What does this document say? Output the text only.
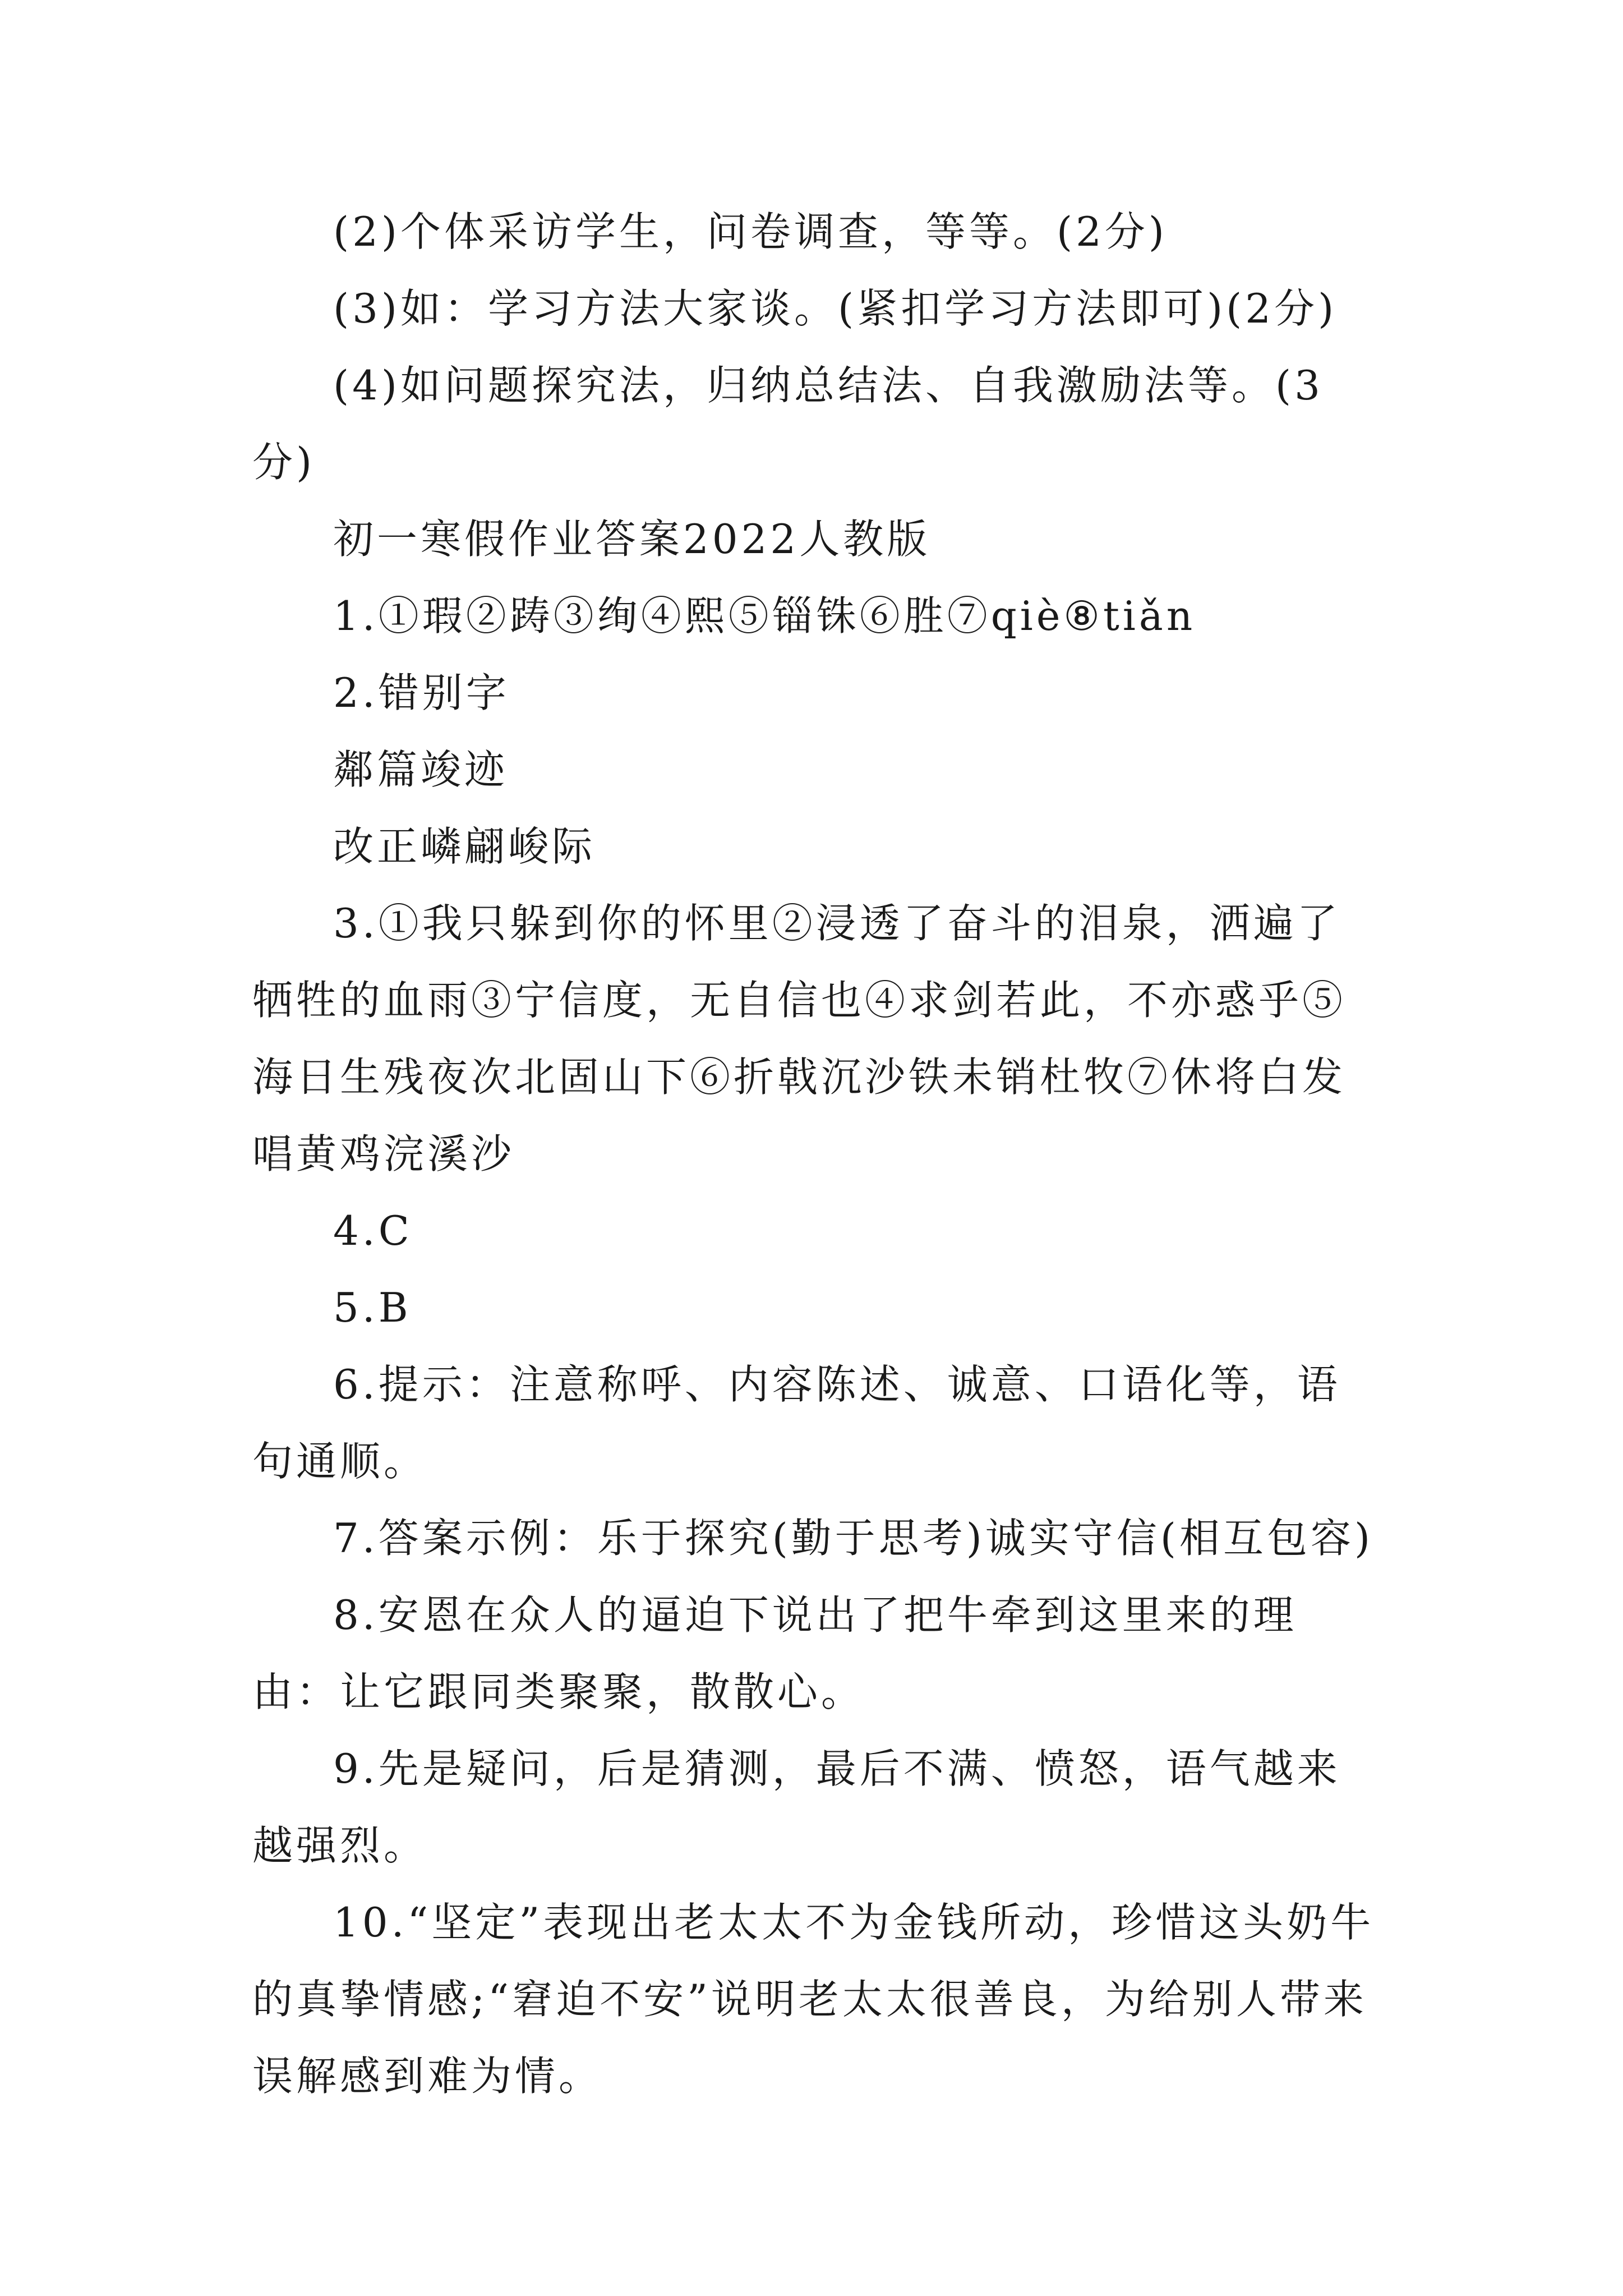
(2)个体采访学生，问卷调查，等等。(2分)

(3)如：学习方法大家谈。(紧扣学习方法即可)(2分)

(4)如问题探究法，归纳总结法、自我激励法等。(3分)

初一寒假作业答案2022人教版

1.①瑕②踌③绚④熙⑤锱铢⑥胜⑦qiè⑧tiǎn

2.错别字

鄰篇竣迹

改正嶙翩峻际

3.①我只躲到你的怀里②浸透了奋斗的泪泉，洒遍了牺牲的血雨③宁信度，无自信也④求剑若此，不亦惑乎⑤海日生残夜次北固山下⑥折戟沉沙铁未销杜牧⑦休将白发唱黄鸡浣溪沙

4.C

5.B

6.提示：注意称呼、内容陈述、诚意、口语化等，语句通顺。

7.答案示例：乐于探究(勤于思考)诚实守信(相互包容)

8.安恩在众人的逼迫下说出了把牛牵到这里来的理由：让它跟同类聚聚，散散心。

9.先是疑问，后是猜测，最后不满、愤怒，语气越来越强烈。

10.“坚定”表现出老太太不为金钱所动，珍惜这头奶牛的真挚情感;“窘迫不安”说明老太太很善良，为给别人带来误解感到难为情。
